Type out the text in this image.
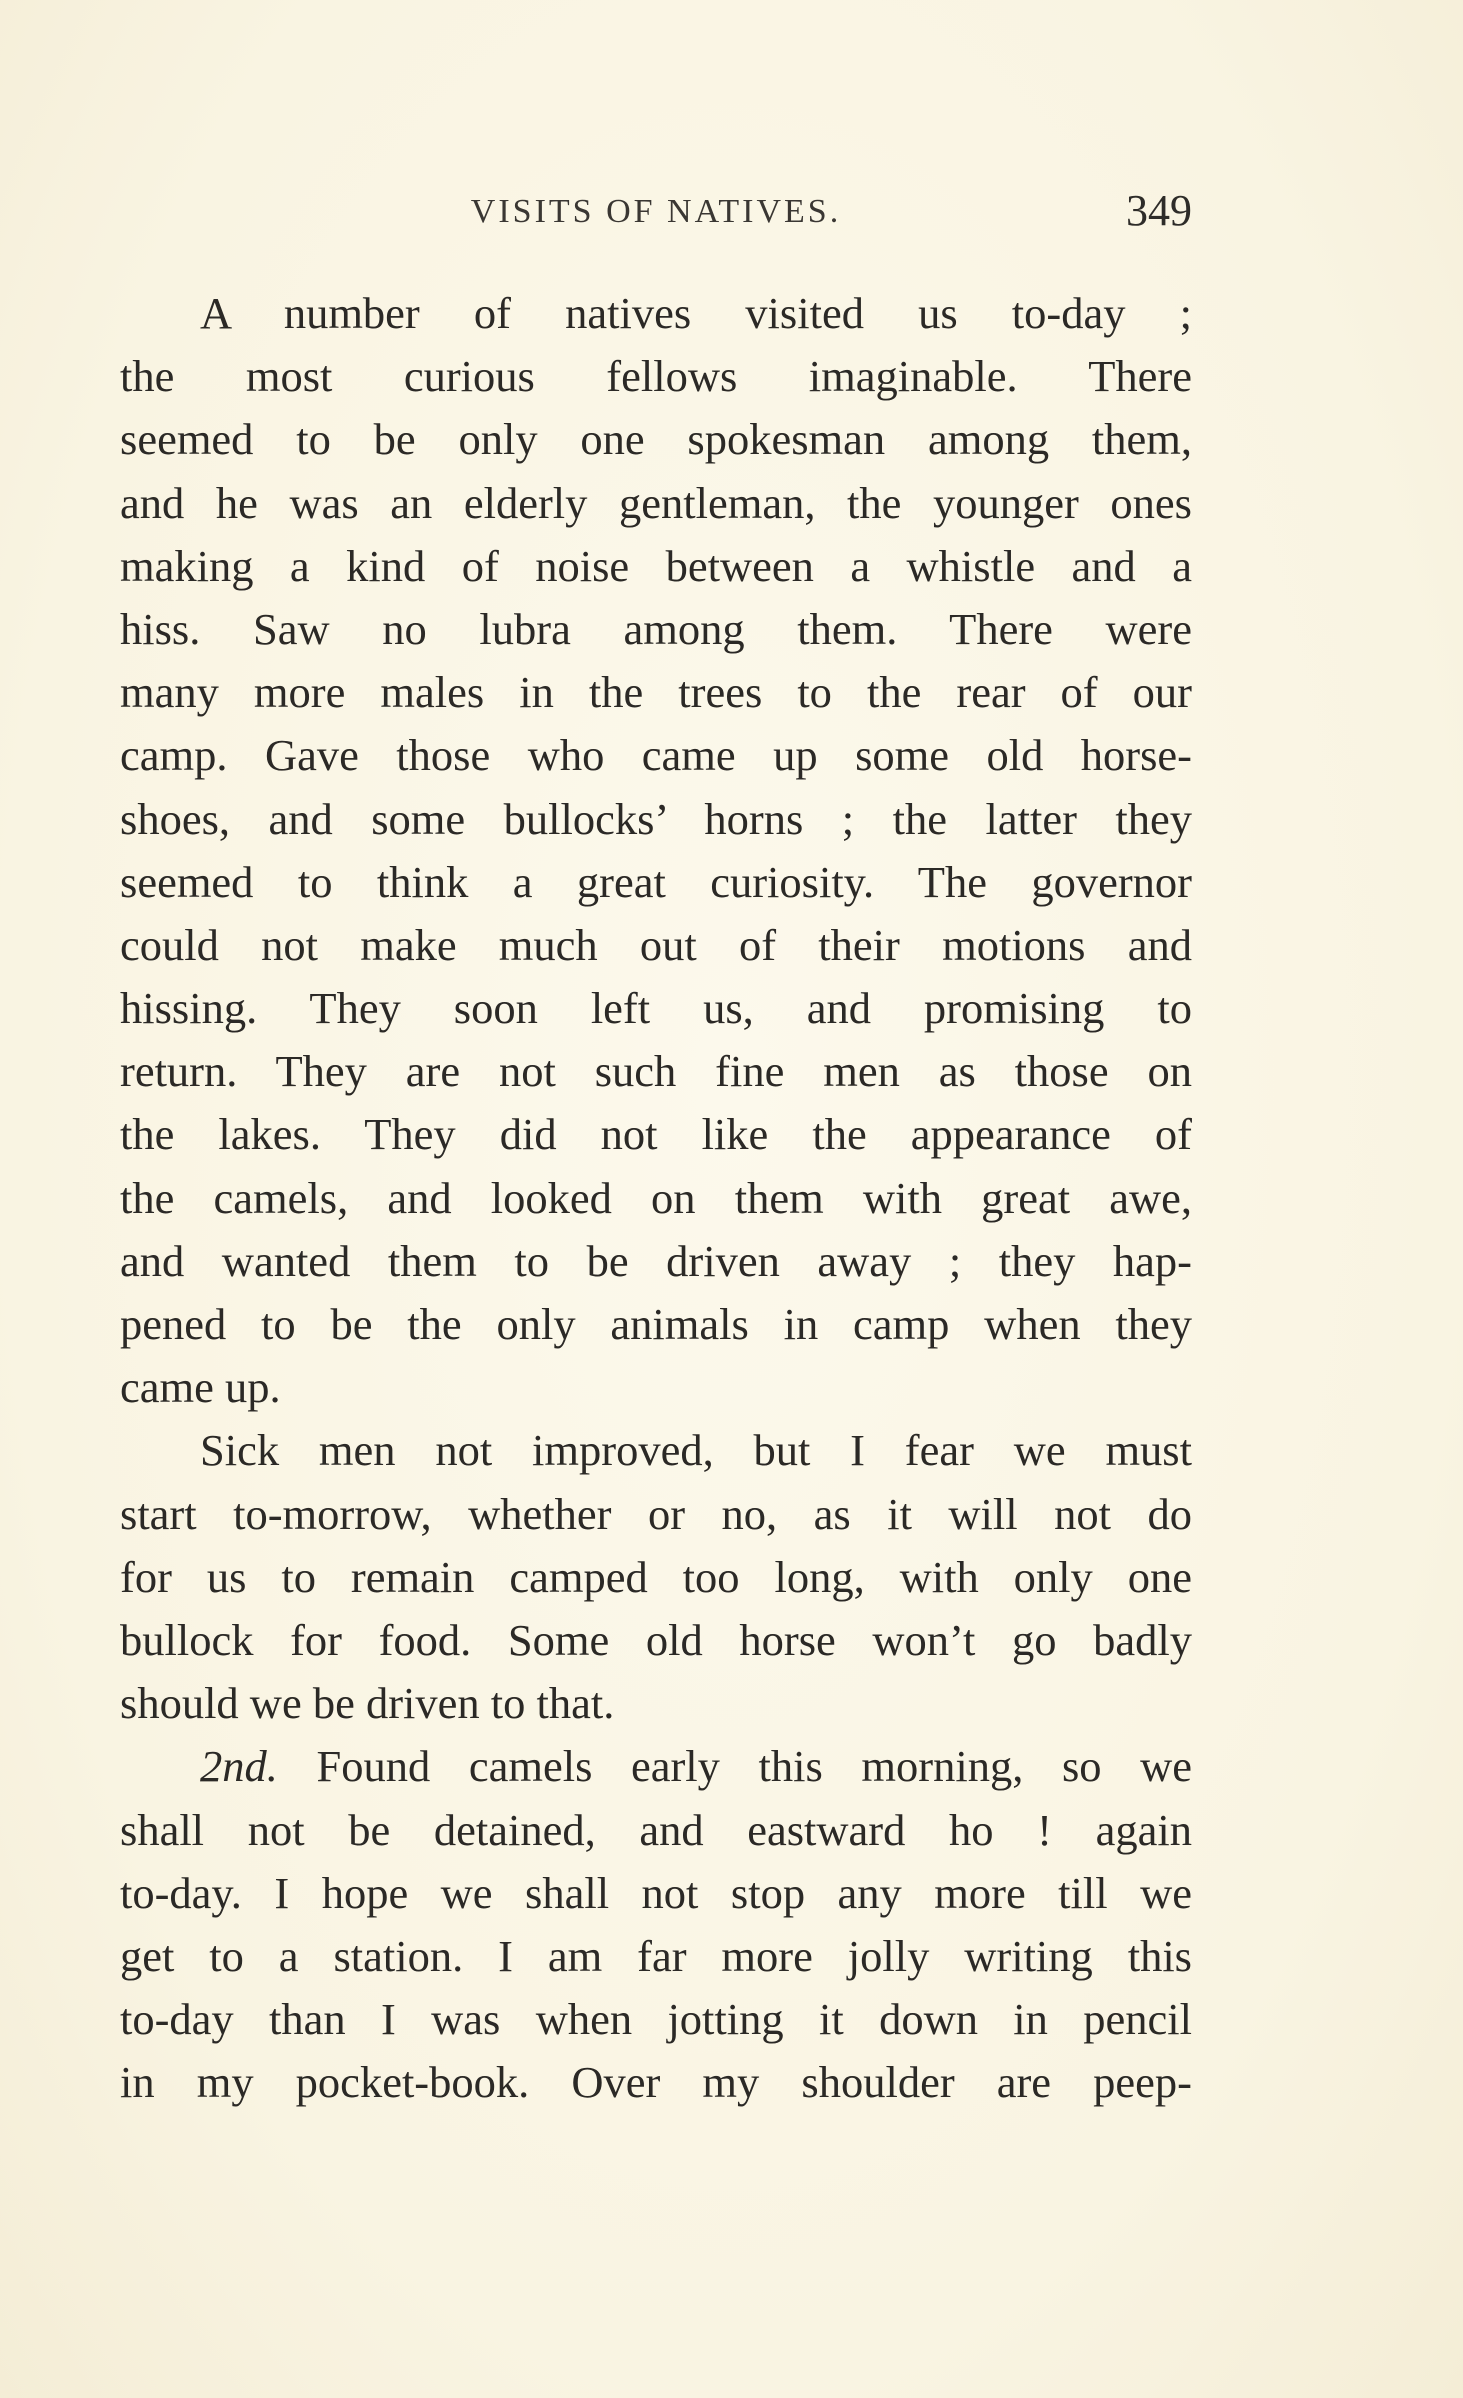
VISITS OF NATIVES.	349
A number of natives visited us to-day ;
the most curious fellows imaginable. There
seemed to be only one spokesman among them,
and he was an elderly gentleman, the younger ones
making a kind of noise between a whistle and a
hiss. Saw no lubra among them. There were
many more males in the trees to the rear of our
camp. Gave those who came up some old horse-
shoes, and some bullocks’ horns ; the latter they
seemed to think a great curiosity. The governor
could not make much out of their motions and
hissing. They soon left us, and promising to
return. They are not such fine men as those on
the lakes. They did not like the appearance of
the camels, and looked on them with great awe,
and wanted them to be driven away ; they hap-
pened to be the only animals in camp when they
came up.
Sick men not improved, but I fear we must
start to-morrow, whether or no, as it will not do
for us to remain camped too long, with only one
bullock for food. Some old horse won’t go badly
should we be driven to that.
2nd. Found camels early this morning, so we
shall not be detained, and eastward ho ! again
to-day. I hope we shall not stop any more till we
get to a station. I am far more jolly writing this
to-day than I was when jotting it down in pencil
in my pocket-book. Over my shoulder are peep-
